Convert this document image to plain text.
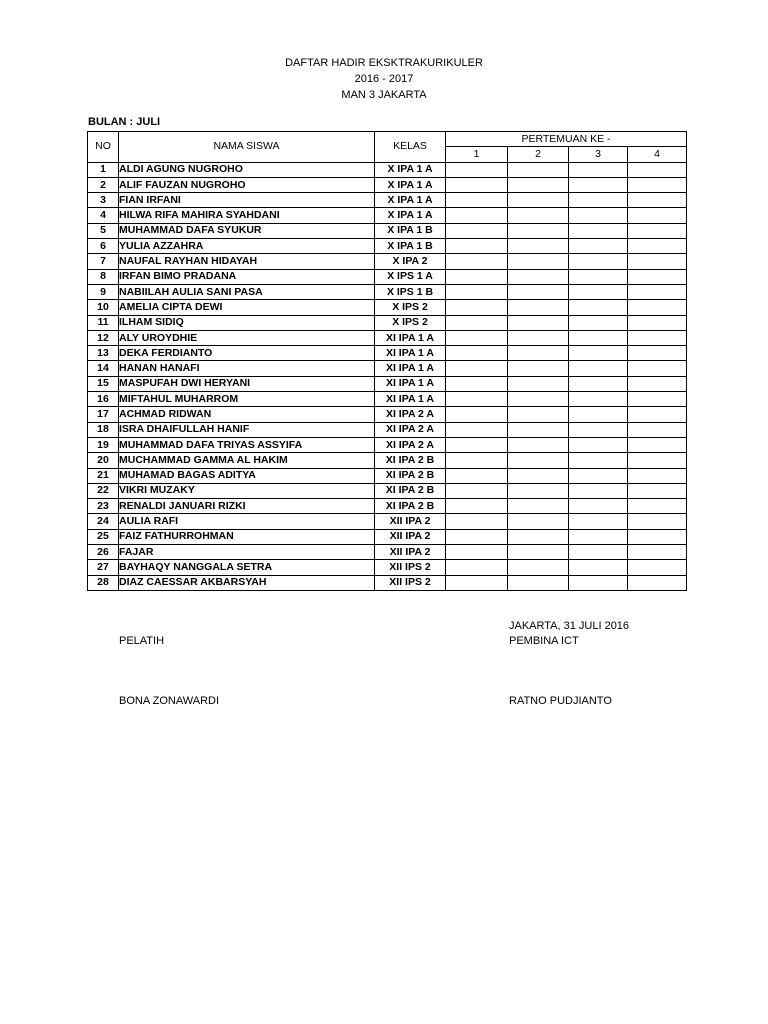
DAFTAR HADIR EKSKTRAKURIKULER
2016 - 2017
MAN 3 JAKARTA
BULAN : JULI
NO	NAMA SISWA	KELAS	PERTEMUAN KE -			
			1	2	3	4
1	ALDI AGUNG NUGROHO	X IPA 1 A				
2	ALIF FAUZAN NUGROHO	X IPA 1 A				
3	FIAN IRFANI	X IPA 1 A				
4	HILWA RIFA MAHIRA SYAHDANI	X IPA 1 A				
5	MUHAMMAD DAFA SYUKUR	X IPA 1 B				
6	YULIA AZZAHRA	X IPA 1 B				
7	NAUFAL RAYHAN HIDAYAH	X IPA 2				
8	IRFAN BIMO PRADANA	X IPS 1 A				
9	NABIILAH AULIA SANI PASA	X IPS 1 B				
10	AMELIA CIPTA DEWI	X IPS 2				
11	ILHAM SIDIQ	X IPS 2				
12	ALY UROYDHIE	XI IPA 1 A				
13	DEKA FERDIANTO	XI IPA 1 A				
14	HANAN HANAFI	XI IPA 1 A				
15	MASPUFAH DWI HERYANI	XI IPA 1 A				
16	MIFTAHUL MUHARROM	XI IPA 1 A				
17	ACHMAD RIDWAN	XI IPA 2 A				
18	ISRA DHAIFULLAH HANIF	XI IPA 2 A				
19	MUHAMMAD DAFA TRIYAS ASSYIFA	XI IPA 2 A				
20	MUCHAMMAD GAMMA AL HAKIM	XI IPA 2 B				
21	MUHAMAD BAGAS ADITYA	XI IPA 2 B				
22	VIKRI MUZAKY	XI IPA 2 B				
23	RENALDI JANUARI RIZKI	XI IPA 2 B				
24	AULIA RAFI	XII IPA 2				
25	FAIZ FATHURROHMAN	XII IPA 2				
26	FAJAR	XII IPA 2				
27	BAYHAQY NANGGALA SETRA	XII IPS 2				
28	DIAZ CAESSAR AKBARSYAH	XII IPS 2				
JAKARTA, 31 JULI 2016
PELATIH	PEMBINA ICT
BONA ZONAWARDI	RATNO PUDJIANTO
